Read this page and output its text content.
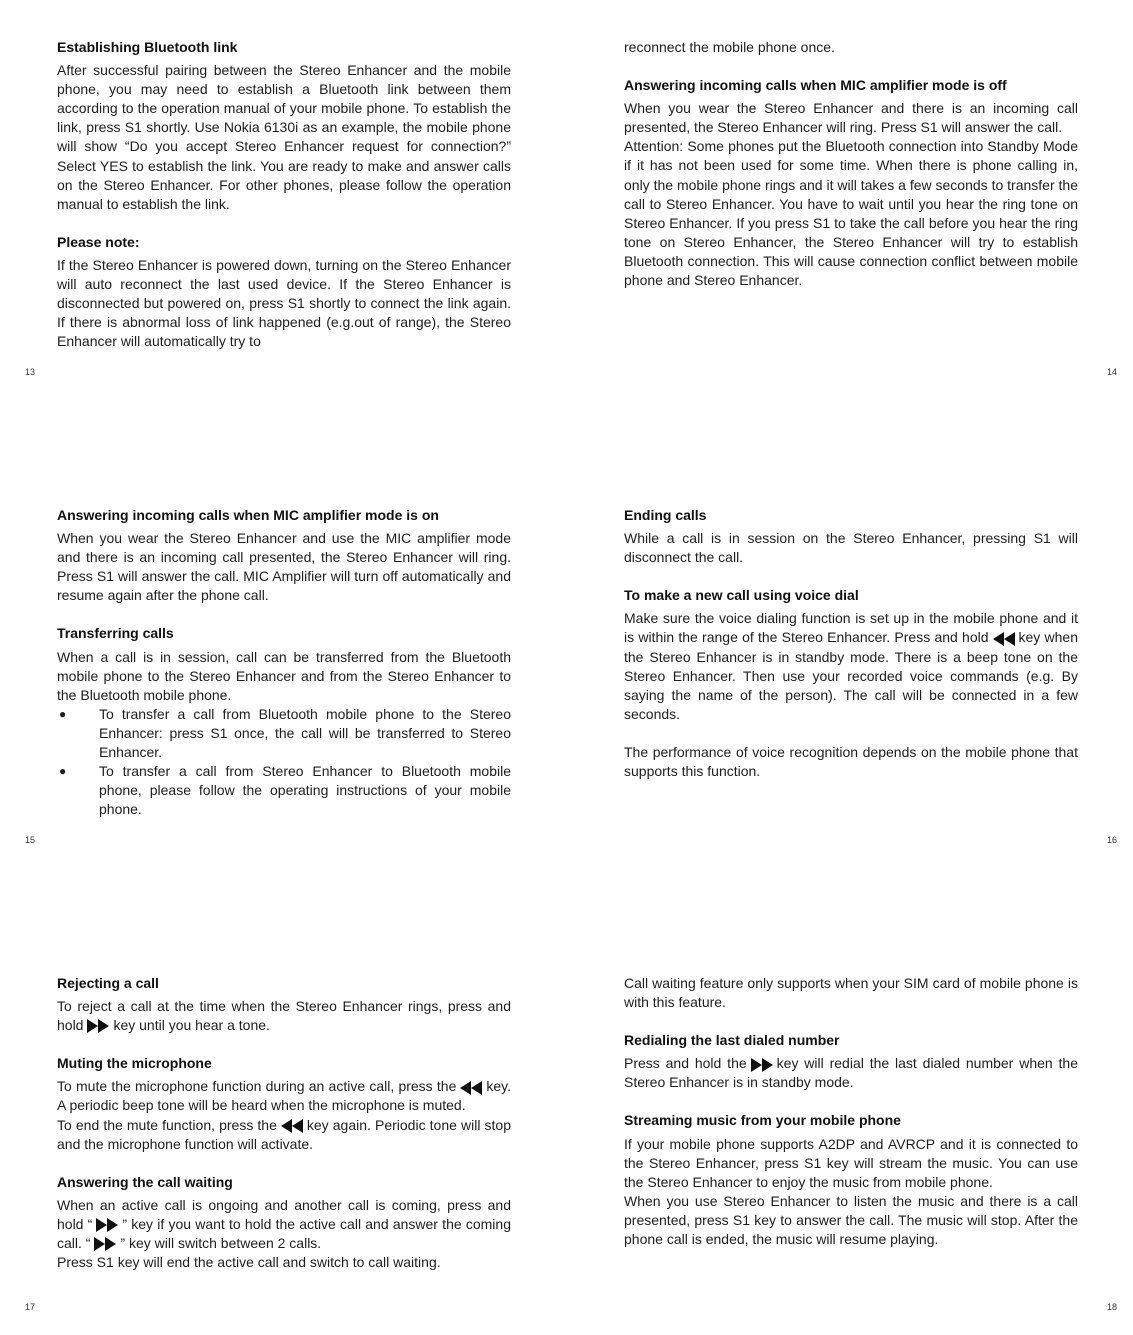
Establishing Bluetooth link

After successful pairing between the Stereo Enhancer and the mobile phone, you may need to establish a Bluetooth link between them according to the operation manual of your mobile phone. To establish the link, press S1 shortly. Use Nokia 6130i as an example, the mobile phone will show “Do you accept Stereo Enhancer request for connection?” Select YES to establish the link. You are ready to make and answer calls on the Stereo Enhancer. For other phones, please follow the operation manual to establish the link.

Please note:

If the Stereo Enhancer is powered down, turning on the Stereo Enhancer will auto reconnect the last used device. If the Stereo Enhancer is disconnected but powered on, press S1 shortly to connect the link again. If there is abnormal loss of link happened (e.g.out of range), the Stereo Enhancer will automatically try to

13

reconnect the mobile phone once.

Answering incoming calls when MIC amplifier mode is off

When you wear the Stereo Enhancer and there is an incoming call presented, the Stereo Enhancer will ring. Press S1 will answer the call.

Attention: Some phones put the Bluetooth connection into Standby Mode if it has not been used for some time. When there is phone calling in, only the mobile phone rings and it will takes a few seconds to transfer the call to Stereo Enhancer. You have to wait until you hear the ring tone on Stereo Enhancer. If you press S1 to take the call before you hear the ring tone on Stereo Enhancer, the Stereo Enhancer will try to establish Bluetooth connection. This will cause connection conflict between mobile phone and Stereo Enhancer.

14
Answering incoming calls when MIC amplifier mode is on

When you wear the Stereo Enhancer and use the MIC amplifier mode and there is an incoming call presented, the Stereo Enhancer will ring. Press S1 will answer the call. MIC Amplifier will turn off automatically and resume again after the phone call.

Transferring calls

When a call is in session, call can be transferred from the Bluetooth mobile phone to the Stereo Enhancer and from the Stereo Enhancer to the Bluetooth mobile phone.

● To transfer a call from Bluetooth mobile phone to the Stereo Enhancer: press S1 once, the call will be transferred to Stereo Enhancer.
● To transfer a call from Stereo Enhancer to Bluetooth mobile phone, please follow the operating instructions of your mobile phone.
15
Ending calls

While a call is in session on the Stereo Enhancer, pressing S1 will disconnect the call.

To make a new call using voice dial

Make sure the voice dialing function is set up in the mobile phone and it is within the range of the Stereo Enhancer. Press and hold key when the Stereo Enhancer is in standby mode. There is a beep tone on the Stereo Enhancer. Then use your recorded voice commands (e.g. By saying the name of the person). The call will be connected in a few seconds.

The performance of voice recognition depends on the mobile phone that supports this function.

16
Rejecting a call

To reject a call at the time when the Stereo Enhancer rings, press and hold key until you hear a tone.

Muting the microphone

To mute the microphone function during an active call, press the key. A periodic beep tone will be heard when the microphone is muted.

To end the mute function, press the key again. Periodic tone will stop and the microphone function will activate.

Answering the call waiting

When an active call is ongoing and another call is coming, press and hold “ ” key if you want to hold the active call and answer the coming call. “ ” key will switch between 2 calls.

Press S1 key will end the active call and switch to call waiting.

17

Call waiting feature only supports when your SIM card of mobile phone is with this feature.

Redialing the last dialed number

Press and hold the key will redial the last dialed number when the Stereo Enhancer is in standby mode.

Streaming music from your mobile phone

If your mobile phone supports A2DP and AVRCP and it is connected to the Stereo Enhancer, press S1 key will stream the music. You can use the Stereo Enhancer to enjoy the music from mobile phone.

When you use Stereo Enhancer to listen the music and there is a call presented, press S1 key to answer the call. The music will stop. After the phone call is ended, the music will resume playing.

18
